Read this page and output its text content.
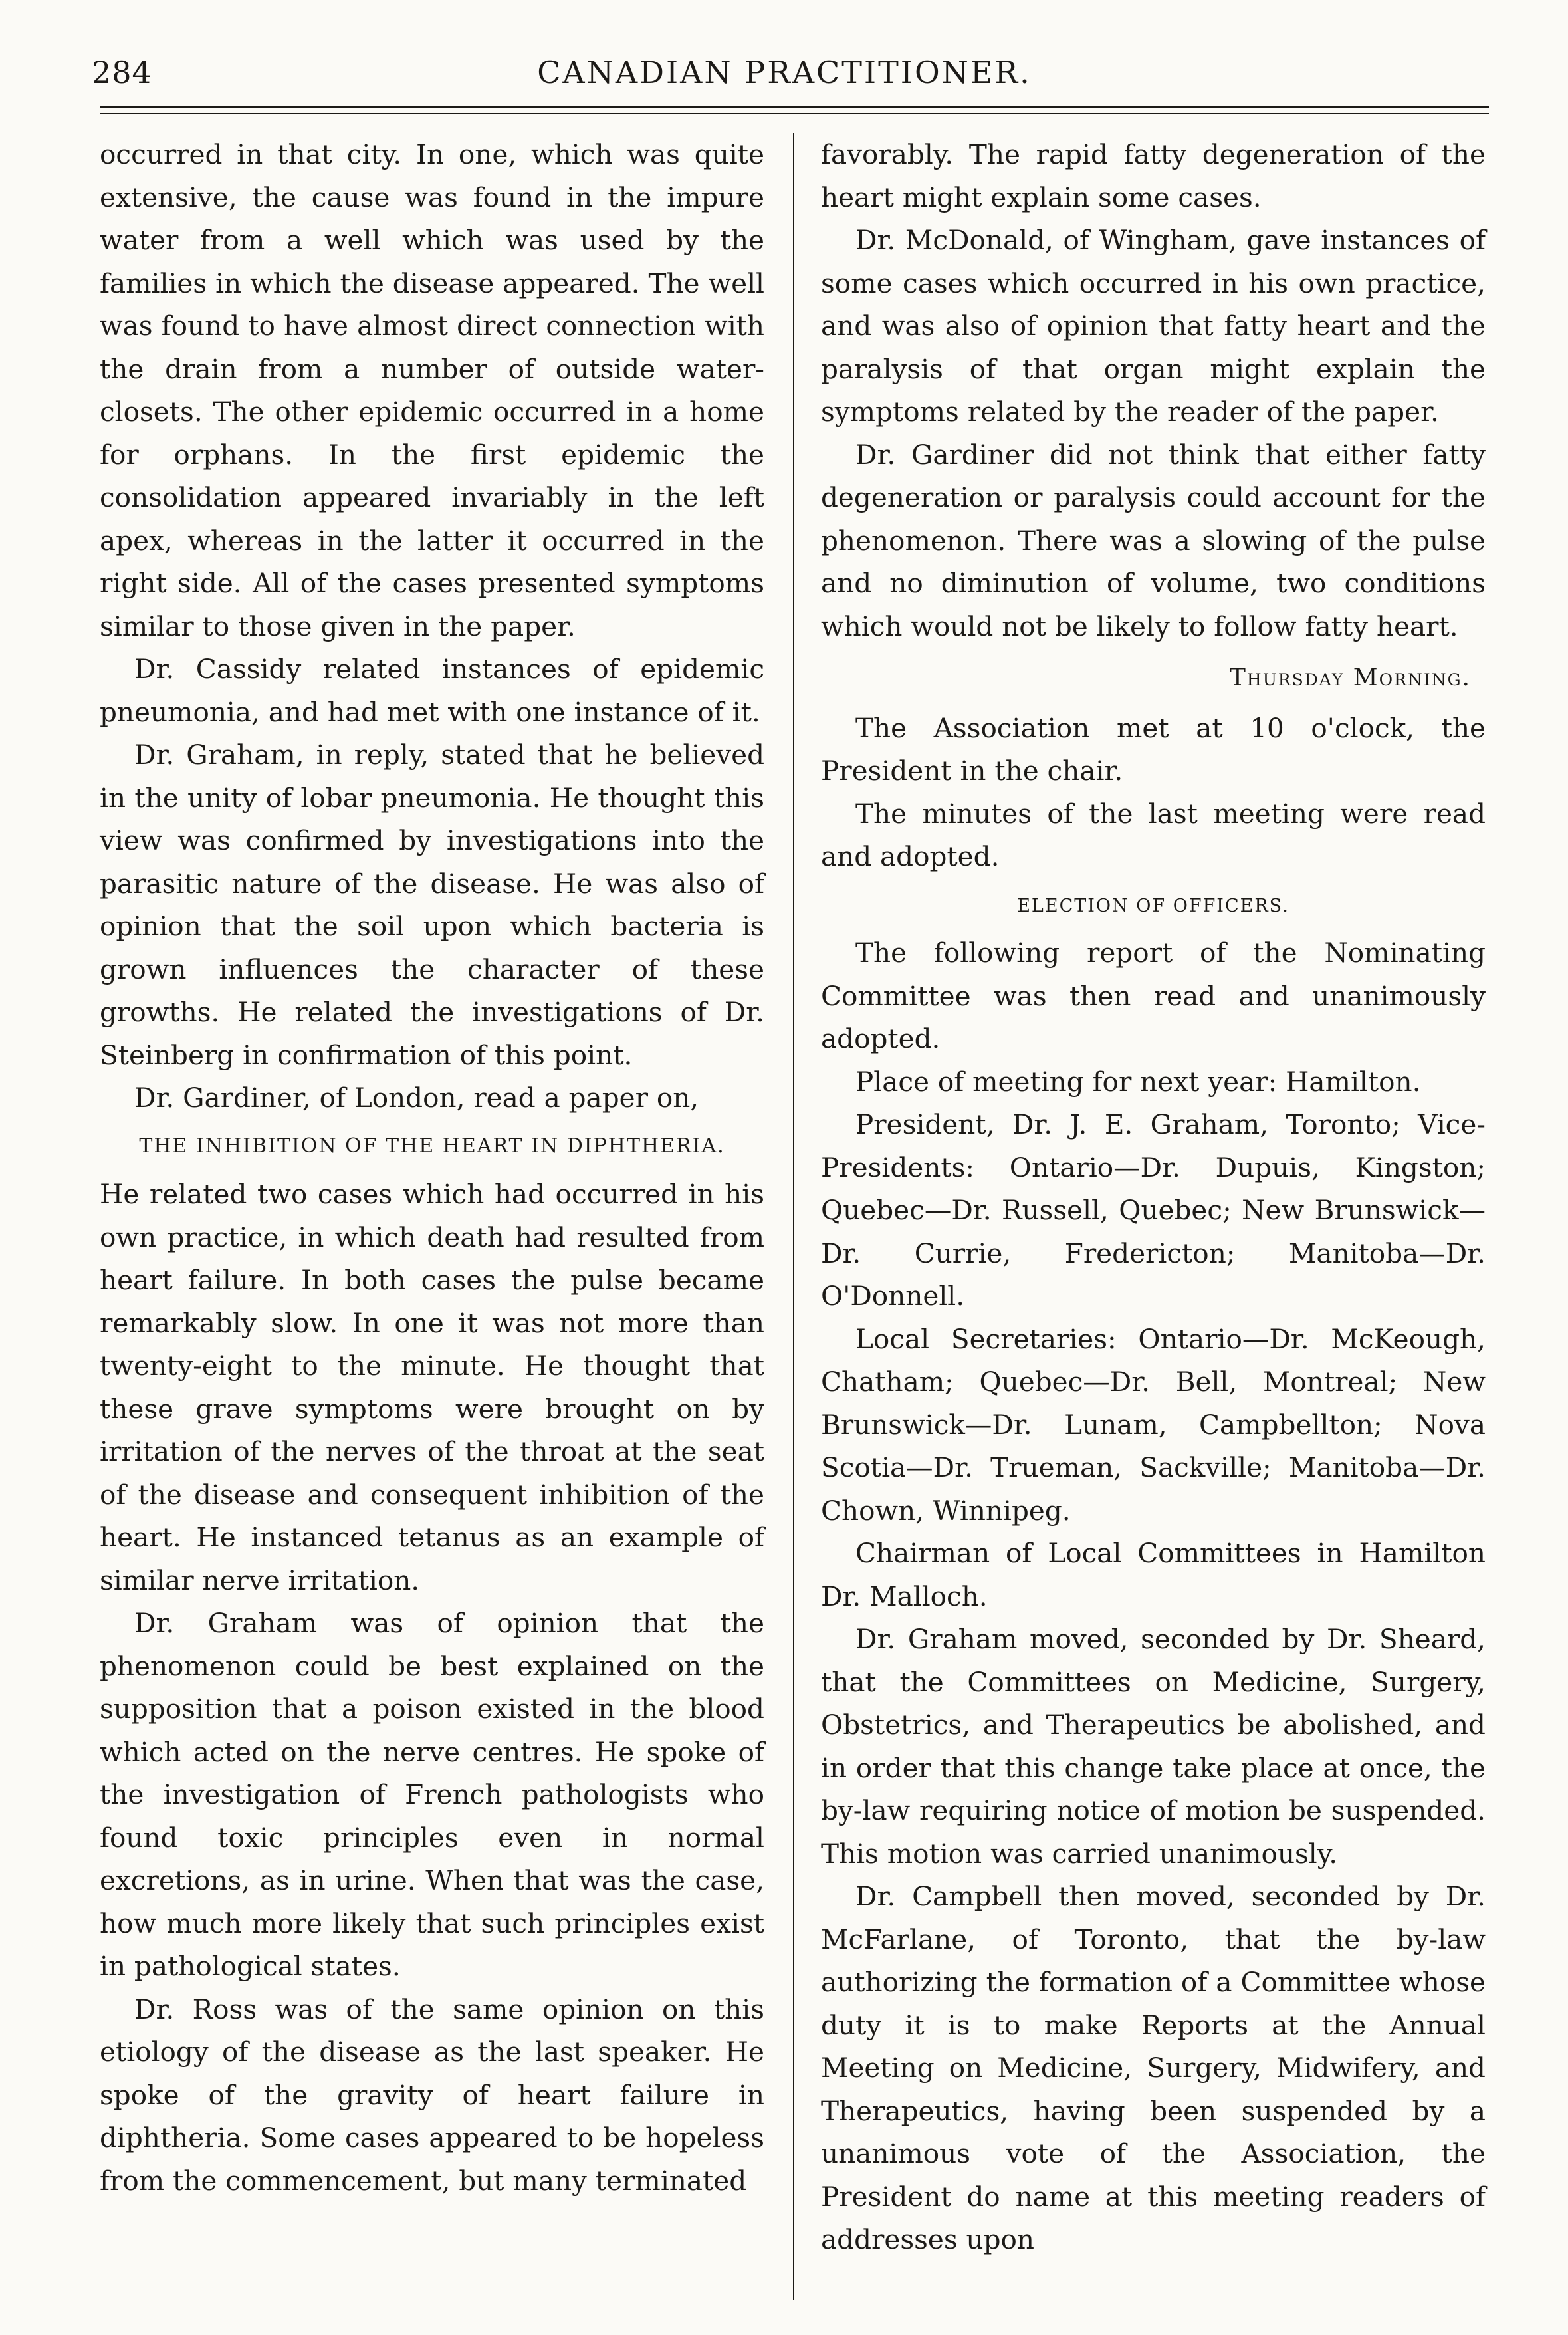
284	CANADIAN PRACTITIONER.

occurred in that city. In one, which was quite extensive, the cause was found in the impure water from a well which was used by the families in which the disease appeared. The well was found to have almost direct connection with the drain from a number of outside water-closets. The other epidemic occurred in a home for orphans. In the first epidemic the consolidation appeared invariably in the left apex, whereas in the latter it occurred in the right side. All of the cases presented symptoms similar to those given in the paper.

Dr. Cassidy related instances of epidemic pneumonia, and had met with one instance of it.

Dr. Graham, in reply, stated that he believed in the unity of lobar pneumonia. He thought this view was confirmed by investigations into the parasitic nature of the disease. He was also of opinion that the soil upon which bacteria is grown influences the character of these growths. He related the investigations of Dr. Steinberg in confirmation of this point.

Dr. Gardiner, of London, read a paper on,

THE INHIBITION OF THE HEART IN DIPHTHERIA.

He related two cases which had occurred in his own practice, in which death had resulted from heart failure. In both cases the pulse became remarkably slow. In one it was not more than twenty-eight to the minute. He thought that these grave symptoms were brought on by irritation of the nerves of the throat at the seat of the disease and consequent inhibition of the heart. He instanced tetanus as an example of similar nerve irritation.

Dr. Graham was of opinion that the phenomenon could be best explained on the supposition that a poison existed in the blood which acted on the nerve centres. He spoke of the investigation of French pathologists who found toxic principles even in normal excretions, as in urine. When that was the case, how much more likely that such principles exist in pathological states.

Dr. Ross was of the same opinion on this etiology of the disease as the last speaker. He spoke of the gravity of heart failure in diphtheria. Some cases appeared to be hopeless from the commencement, but many terminated

favorably. The rapid fatty degeneration of the heart might explain some cases.

Dr. McDonald, of Wingham, gave instances of some cases which occurred in his own practice, and was also of opinion that fatty heart and the paralysis of that organ might explain the symptoms related by the reader of the paper.

Dr. Gardiner did not think that either fatty degeneration or paralysis could account for the phenomenon. There was a slowing of the pulse and no diminution of volume, two conditions which would not be likely to follow fatty heart.

Thursday Morning.

The Association met at 10 o'clock, the President in the chair.

The minutes of the last meeting were read and adopted.

ELECTION OF OFFICERS.

The following report of the Nominating Committee was then read and unanimously adopted.

Place of meeting for next year: Hamilton.

President, Dr. J. E. Graham, Toronto; Vice-Presidents: Ontario—Dr. Dupuis, Kingston; Quebec—Dr. Russell, Quebec; New Brunswick—Dr. Currie, Fredericton; Manitoba—Dr. O'Donnell.

Local Secretaries: Ontario—Dr. McKeough, Chatham; Quebec—Dr. Bell, Montreal; New Brunswick—Dr. Lunam, Campbellton; Nova Scotia—Dr. Trueman, Sackville; Manitoba—Dr. Chown, Winnipeg.

Chairman of Local Committees in Hamilton Dr. Malloch.

Dr. Graham moved, seconded by Dr. Sheard, that the Committees on Medicine, Surgery, Obstetrics, and Therapeutics be abolished, and in order that this change take place at once, the by-law requiring notice of motion be suspended. This motion was carried unanimously.

Dr. Campbell then moved, seconded by Dr. McFarlane, of Toronto, that the by-law authorizing the formation of a Committee whose duty it is to make Reports at the Annual Meeting on Medicine, Surgery, Midwifery, and Therapeutics, having been suspended by a unanimous vote of the Association, the President do name at this meeting readers of addresses upon
